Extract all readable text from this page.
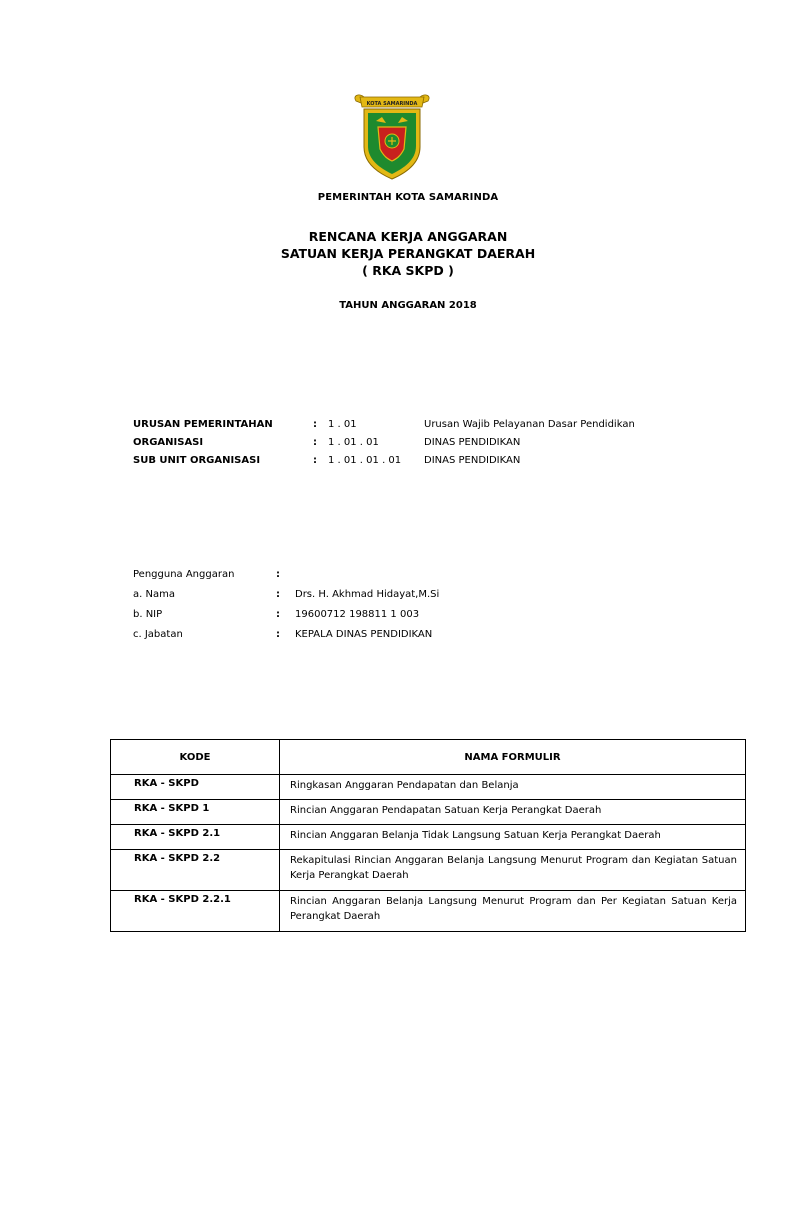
KOTA SAMARINDA
PEMERINTAH KOTA SAMARINDA
RENCANA KERJA ANGGARAN
SATUAN KERJA PERANGKAT DAERAH
( RKA SKPD )
TAHUN ANGGARAN 2018
URUSAN PEMERINTAHAN	: 1 . 01	Urusan Wajib Pelayanan Dasar Pendidikan
ORGANISASI	: 1 . 01 . 01	DINAS PENDIDIKAN
SUB UNIT ORGANISASI	: 1 . 01 . 01 . 01 DINAS PENDIDIKAN
Pengguna Anggaran	:
a. Nama	: Drs. H. Akhmad Hidayat,M.Si
b. NIP	: 19600712 198811 1 003
c. Jabatan	: KEPALA DINAS PENDIDIKAN
KODE	NAMA FORMULIR
RKA - SKPD	Ringkasan Anggaran Pendapatan dan Belanja
RKA - SKPD 1	Rincian Anggaran Pendapatan Satuan Kerja Perangkat Daerah
RKA - SKPD 2.1	Rincian Anggaran Belanja Tidak Langsung Satuan Kerja Perangkat Daerah
RKA - SKPD 2.2	Rekapitulasi Rincian Anggaran Belanja Langsung Menurut Program dan Kegiatan Satuan Kerja Perangkat Daerah
RKA - SKPD 2.2.1	Rincian Anggaran Belanja Langsung Menurut Program dan Per Kegiatan Satuan Kerja Perangkat Daerah
